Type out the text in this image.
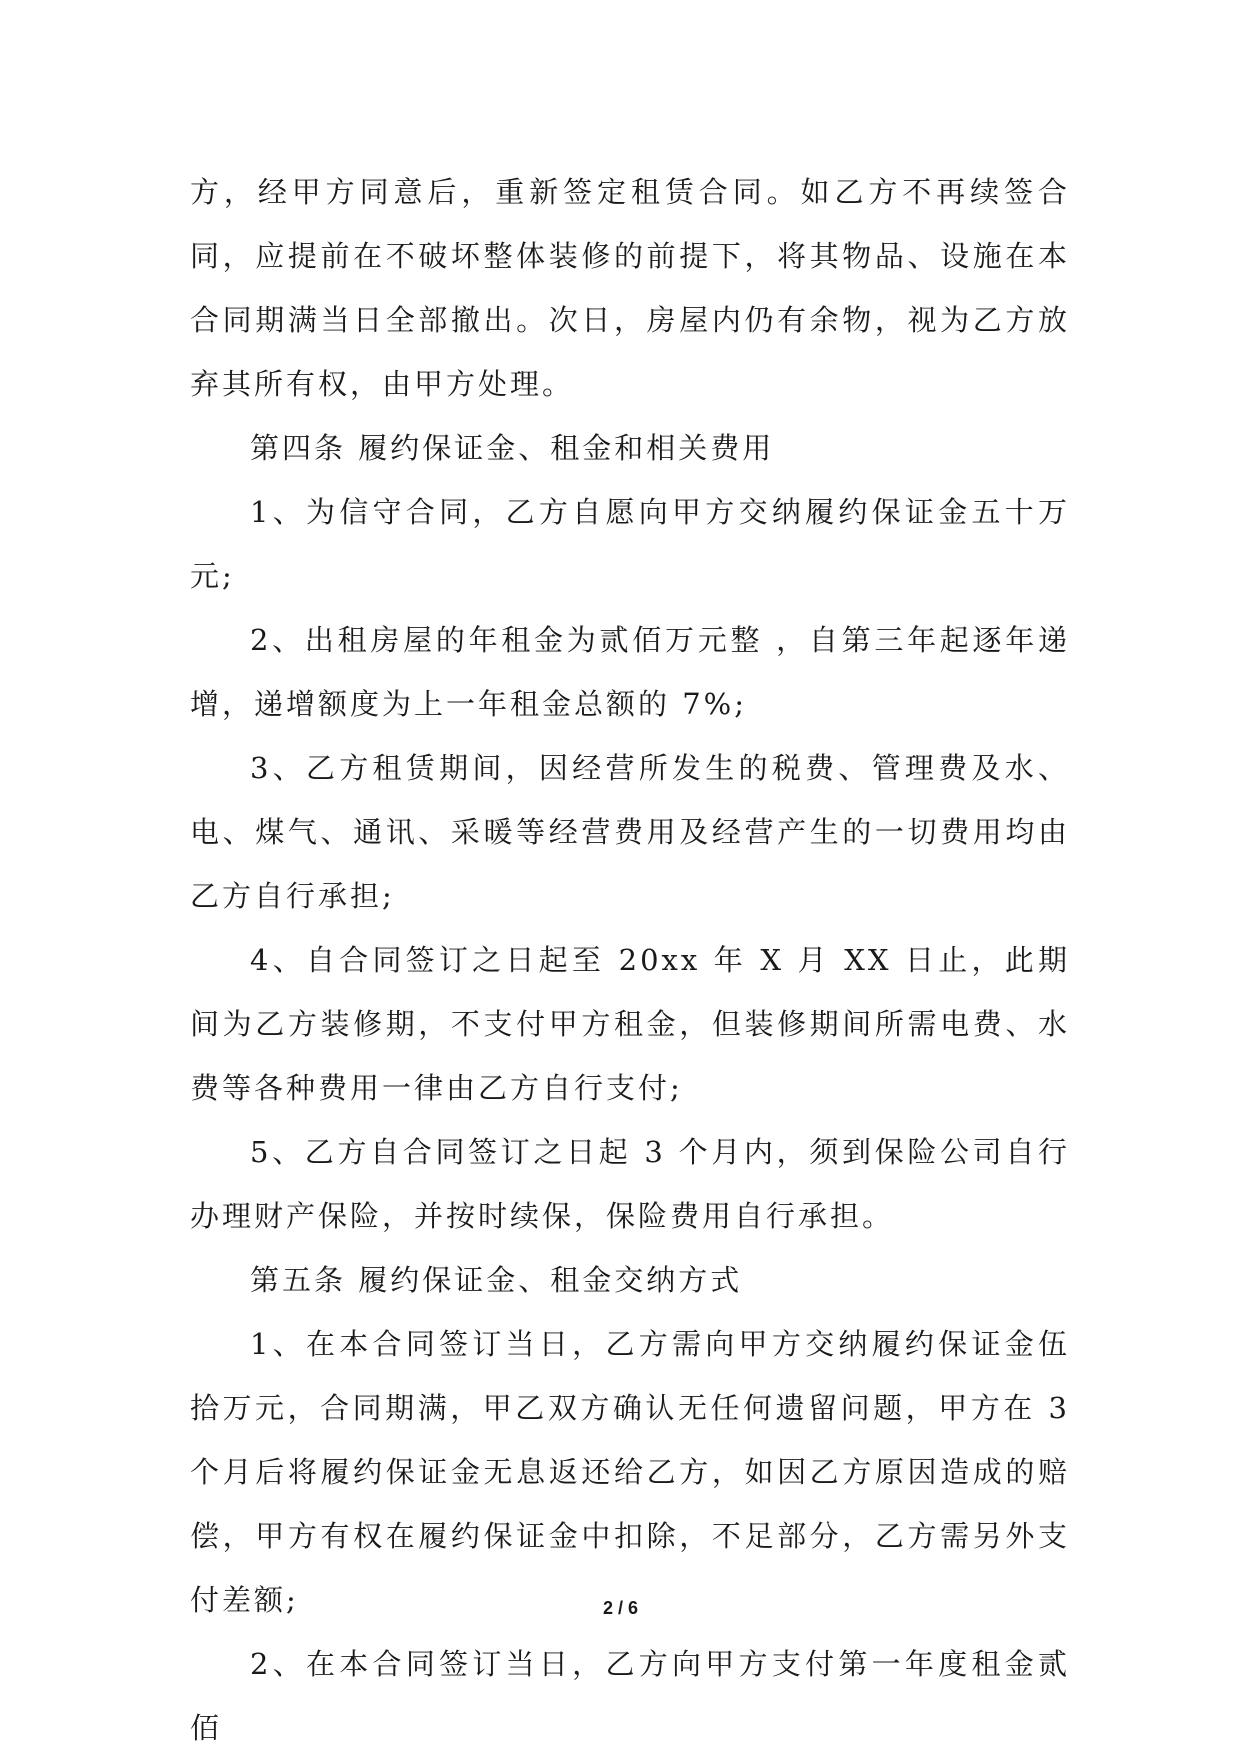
方，经甲方同意后，重新签定租赁合同。如乙方不再续签合同，应提前在不破坏整体装修的前提下，将其物品、设施在本合同期满当日全部撤出。次日，房屋内仍有余物，视为乙方放弃其所有权，由甲方处理。

第四条 履约保证金、租金和相关费用

1、为信守合同，乙方自愿向甲方交纳履约保证金五十万元;

2、出租房屋的年租金为贰佰万元整 ，自第三年起逐年递增，递增额度为上一年租金总额的 7%;

3、乙方租赁期间，因经营所发生的税费、管理费及水、电、煤气、通讯、采暖等经营费用及经营产生的一切费用均由乙方自行承担;

4、自合同签订之日起至 20xx 年 X 月 XX 日止，此期间为乙方装修期，不支付甲方租金，但装修期间所需电费、水费等各种费用一律由乙方自行支付;

5、乙方自合同签订之日起 3 个月内，须到保险公司自行办理财产保险，并按时续保，保险费用自行承担。

第五条 履约保证金、租金交纳方式

1、在本合同签订当日，乙方需向甲方交纳履约保证金伍拾万元，合同期满，甲乙双方确认无任何遗留问题，甲方在 3 个月后将履约保证金无息返还给乙方，如因乙方原因造成的赔偿，甲方有权在履约保证金中扣除，不足部分，乙方需另外支付差额;

2、在本合同签订当日，乙方向甲方支付第一年度租金贰佰

2 / 6
